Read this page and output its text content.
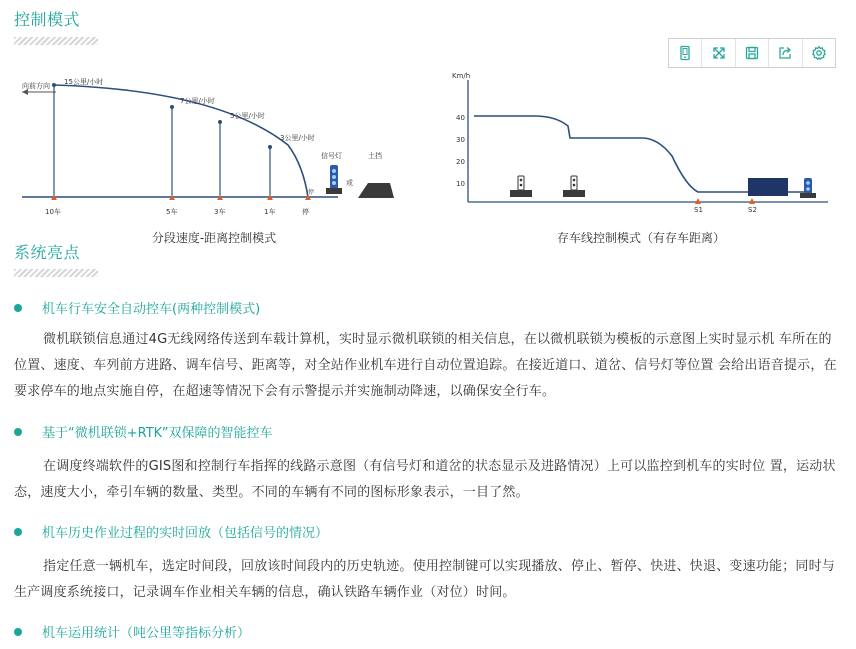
控制模式
向前方向 15公里/小时
7公里/小时
5公里/小时
3公里/小时
10车	5车	3车	1车	停
停
信号灯
或
土挡
分段速度-距离控制模式
Km/h
40
30
20
10
S1	S2
存车线控制模式（有存车距离）
系统亮点
机车行车安全自动控车(两种控制模式)

微机联锁信息通过4G无线网络传送到车载计算机，实时显示微机联锁的相关信息，在以微机联锁为模板的示意图上实时显示机 车所在的位置、速度、车列前方进路、调车信号、距离等，对全站作业机车进行自动位置追踪。在接近道口、道岔、信号灯等位置 会给出语音提示，在要求停车的地点实施自停，在超速等情况下会有示警提示并实施制动降速，以确保安全行车。

基于“微机联锁+RTK”双保障的智能控车

在调度终端软件的GIS图和控制行车指挥的线路示意图（有信号灯和道岔的状态显示及进路情况）上可以监控到机车的实时位 置，运动状态，速度大小，牵引车辆的数量、类型。不同的车辆有不同的图标形象表示，一目了然。

机车历史作业过程的实时回放（包括信号的情况）

指定任意一辆机车，选定时间段，回放该时间段内的历史轨迹。使用控制键可以实现播放、停止、暂停、快进、快退、变速功能；同时与生产调度系统接口，记录调车作业相关车辆的信息，确认铁路车辆作业（对位）时间。

机车运用统计（吨公里等指标分析）
